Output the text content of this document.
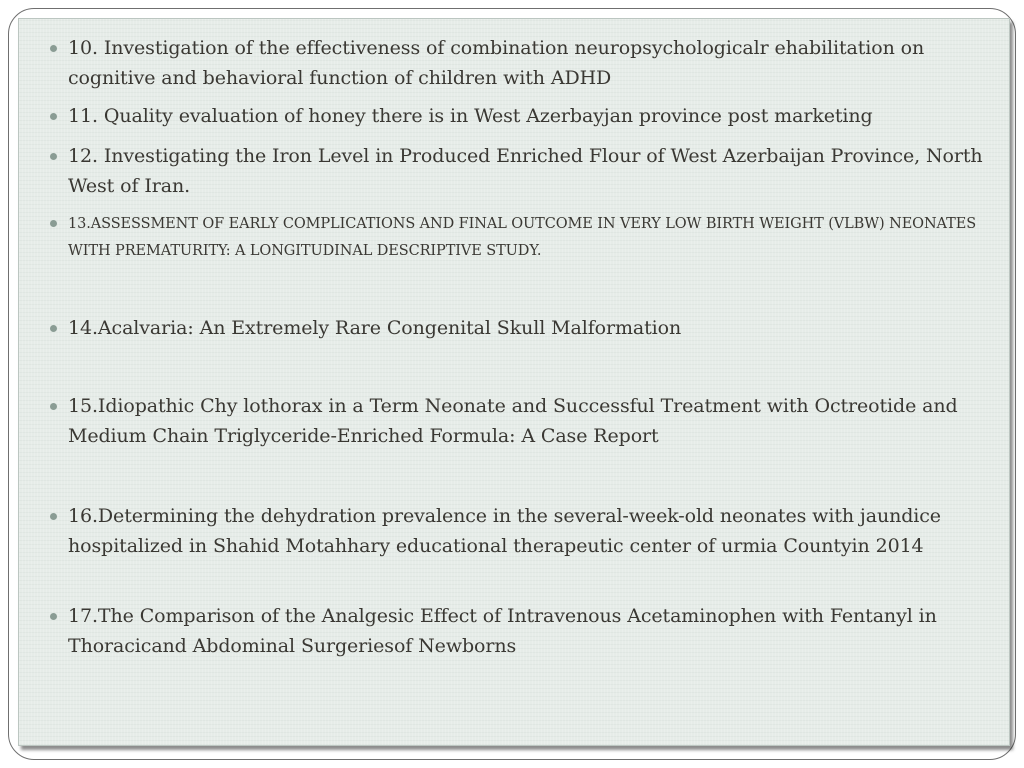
10. Investigation of the effectiveness of combination neuropsychologicalr ehabilitation on cognitive and behavioral function of children with ADHD
11. Quality evaluation of honey there is in West Azerbayjan province post marketing
12. Investigating the Iron Level in Produced Enriched Flour of West Azerbaijan Province, North West of Iran.
13.ASSESSMENT OF EARLY COMPLICATIONS AND FINAL OUTCOME IN VERY LOW BIRTH WEIGHT (VLBW) NEONATES WITH PREMATURITY: A LONGITUDINAL DESCRIPTIVE STUDY.
14.Acalvaria: An Extremely Rare Congenital Skull Malformation
15.Idiopathic Chy lothorax in a Term Neonate and Successful Treatment with Octreotide and Medium Chain Triglyceride-Enriched Formula: A Case Report
16.Determining the dehydration prevalence in the several-week-old neonates with jaundice hospitalized in Shahid Motahhary educational therapeutic center of urmia Countyin 2014
17.The Comparison of the Analgesic Effect of Intravenous Acetaminophen with Fentanyl in Thoracicand Abdominal Surgeriesof Newborns
